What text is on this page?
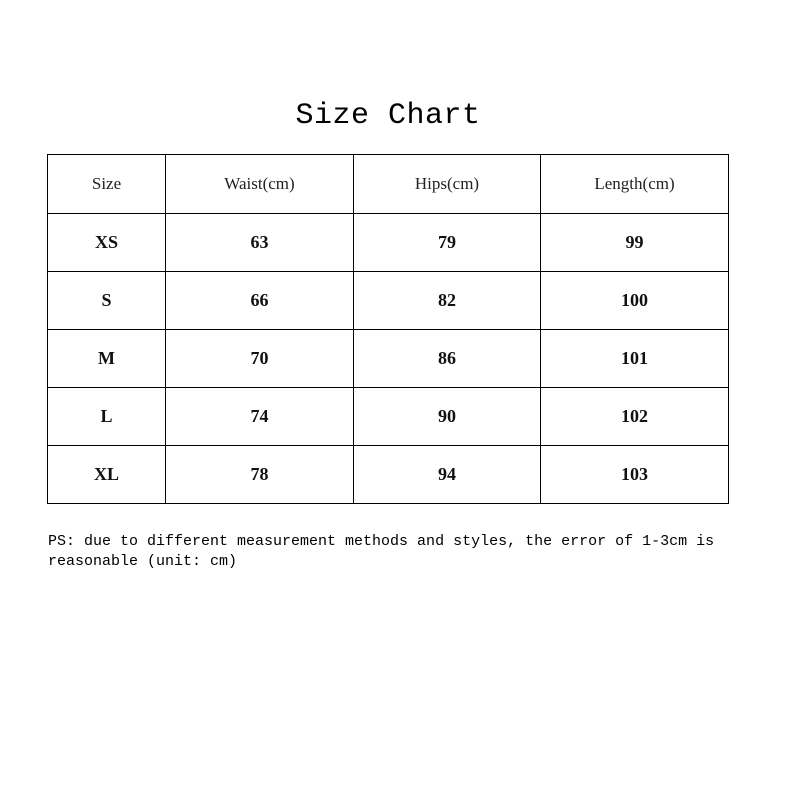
Size Chart
Size	Waist(cm)	Hips(cm)	Length(cm)
XS	63	79	99
S	66	82	100
M	70	86	101
L	74	90	102
XL	78	94	103
PS: due to different measurement methods and styles, the error of 1-3cm is
reasonable (unit: cm)
